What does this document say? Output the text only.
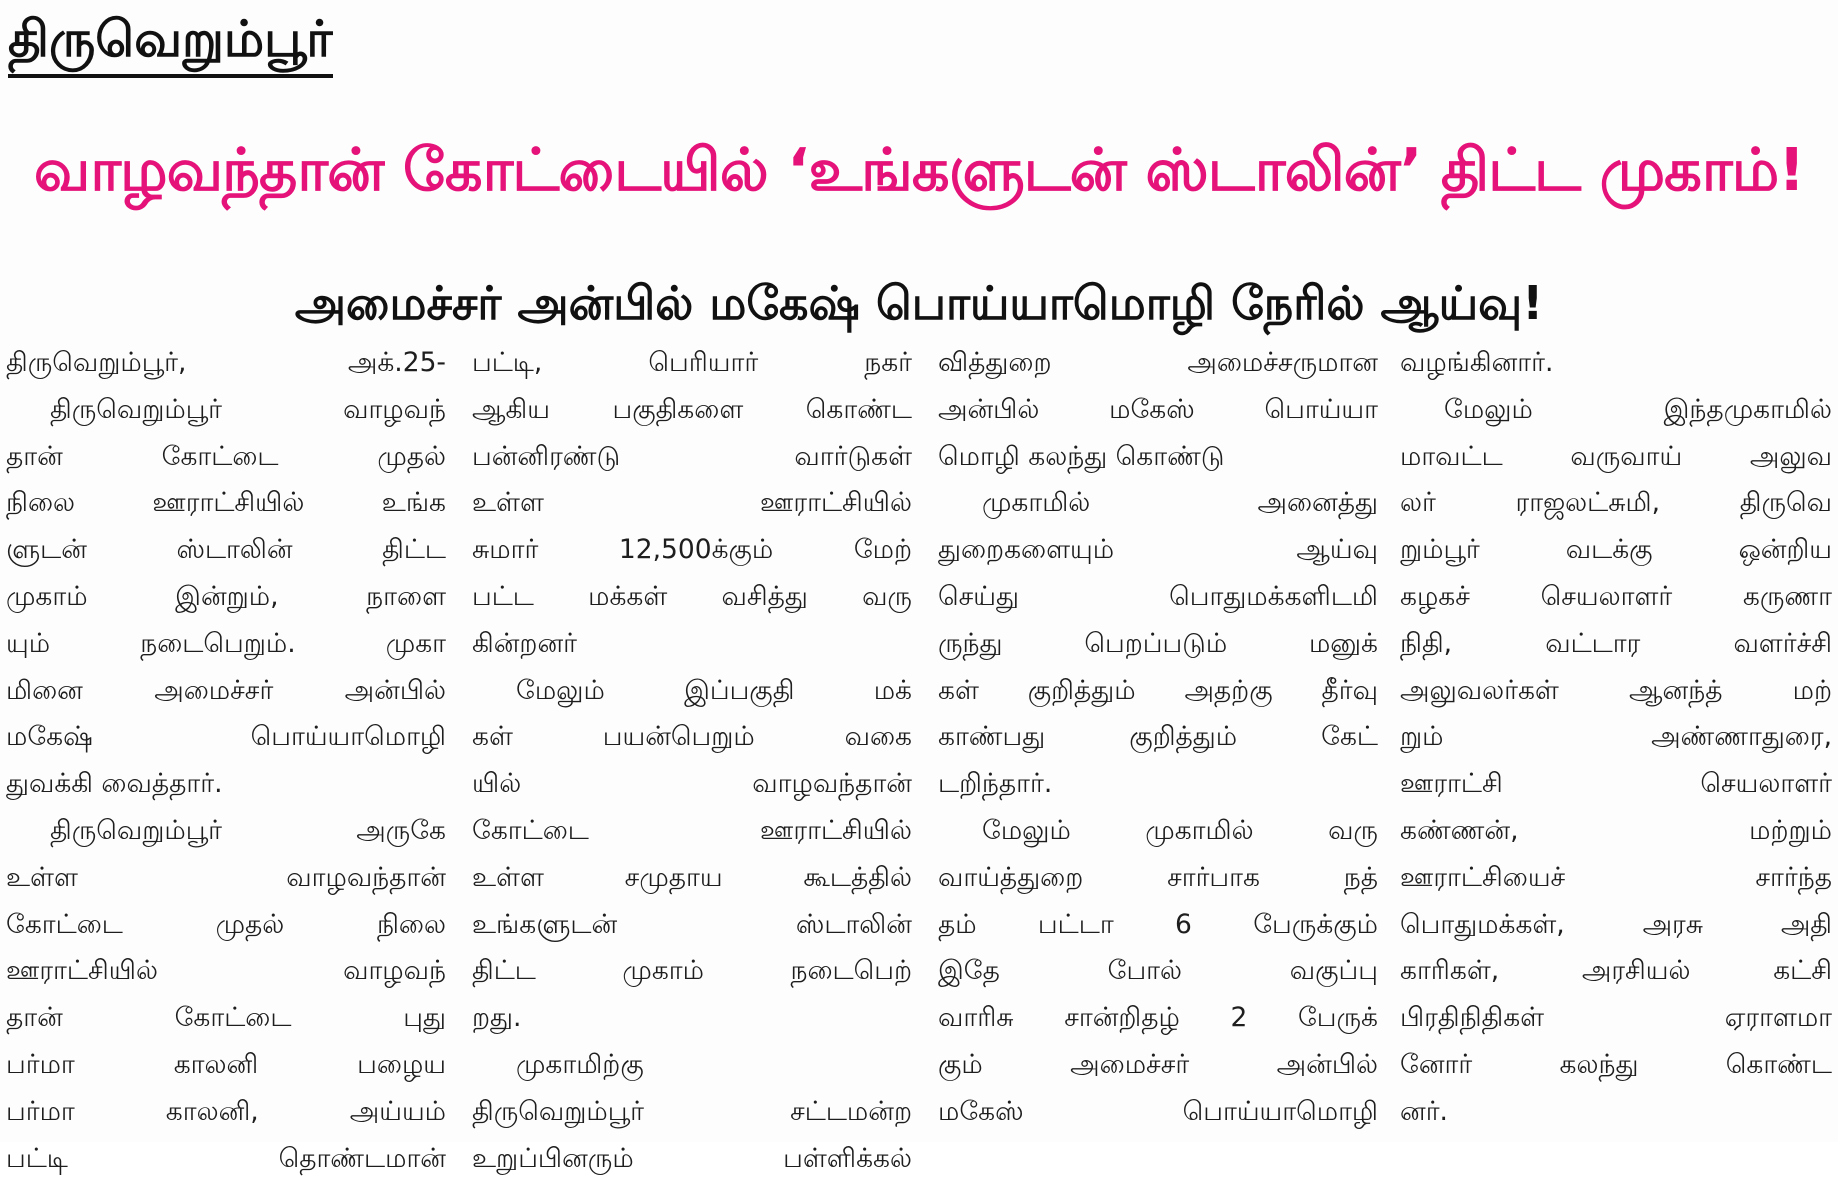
திருவெறும்பூர்
வாழவந்தான் கோட்டையில் ‘உங்களுடன் ஸ்டாலின்’ திட்ட முகாம்!
அமைச்சர் அன்பில் மகேஷ் பொய்யாமொழி நேரில் ஆய்வு!
திருவெறும்பூர், அக்.25-
திருவெறும்பூர் வாழவந்
தான் கோட்டை முதல்
நிலை ஊராட்சியில் உங்க
ளுடன் ஸ்டாலின் திட்ட
முகாம் இன்றும், நாளை
யும் நடைபெறும். முகா
மினை அமைச்சர் அன்பில்
மகேஷ் பொய்யாமொழி
துவக்கி வைத்தார்.
திருவெறும்பூர் அருகே
உள்ள வாழவந்தான்
கோட்டை முதல் நிலை
ஊராட்சியில் வாழவந்
தான் கோட்டை புது
பர்மா காலனி பழைய
பர்மா காலனி, அய்யம்
பட்டி தொண்டமான்
பட்டி, பெரியார் நகர்
ஆகிய பகுதிகளை கொண்ட
பன்னிரண்டு வார்டுகள்
உள்ள ஊராட்சியில்
சுமார் 12,500க்கும் மேற்
பட்ட மக்கள் வசித்து வரு
கின்றனர்
மேலும் இப்பகுதி மக்
கள் பயன்பெறும் வகை
யில் வாழவந்தான்
கோட்டை ஊராட்சியில்
உள்ள சமுதாய கூடத்தில்
உங்களுடன் ஸ்டாலின்
திட்ட முகாம் நடைபெற்
றது.
முகாமிற்கு
திருவெறும்பூர் சட்டமன்ற
உறுப்பினரும் பள்ளிக்கல்
வித்துறை அமைச்சருமான
அன்பில் மகேஸ் பொய்யா
மொழி கலந்து கொண்டு
முகாமில் அனைத்து
துறைகளையும் ஆய்வு
செய்து பொதுமக்களிடமி
ருந்து பெறப்படும் மனுக்
கள் குறித்தும் அதற்கு தீர்வு
காண்பது குறித்தும் கேட்
டறிந்தார்.
மேலும் முகாமில் வரு
வாய்த்துறை சார்பாக நத்
தம் பட்டா 6 பேருக்கும்
இதே போல் வகுப்பு
வாரிசு சான்றிதழ் 2 பேருக்
கும் அமைச்சர் அன்பில்
மகேஸ் பொய்யாமொழி
வழங்கினார்.
மேலும் இந்தமுகாமில்
மாவட்ட வருவாய் அலுவ
லர் ராஜலட்சுமி, திருவெ
றும்பூர் வடக்கு ஒன்றிய
கழகச் செயலாளர் கருணா
நிதி, வட்டார வளர்ச்சி
அலுவலர்கள் ஆனந்த் மற்
றும் அண்ணாதுரை,
ஊராட்சி செயலாளர்
கண்ணன், மற்றும்
ஊராட்சியைச் சார்ந்த
பொதுமக்கள், அரசு அதி
காரிகள், அரசியல் கட்சி
பிரதிநிதிகள் ஏராளமா
னோர் கலந்து கொண்ட
னர்.
